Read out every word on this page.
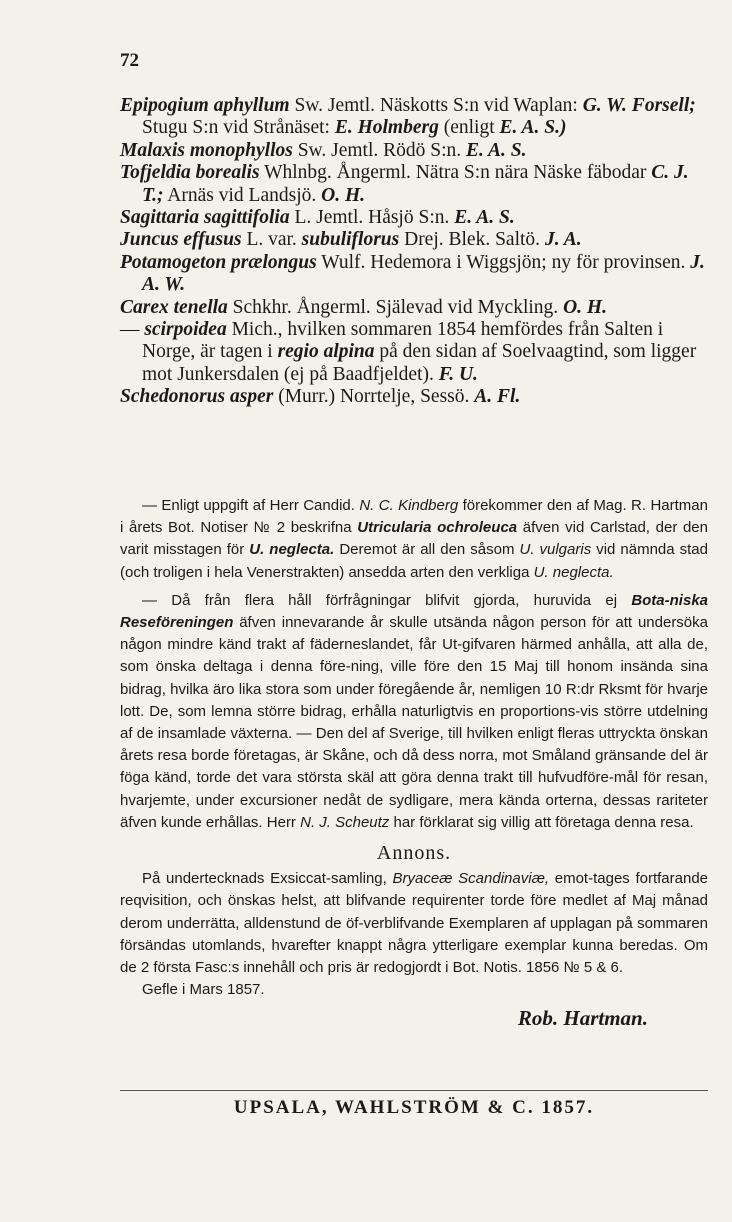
72

Epipogium aphyllum Sw. Jemtl. Näskotts S:n vid Waplan: G. W. Forsell; Stugu S:n vid Strånäset: E. Holmberg (enligt E. A. S.)

Malaxis monophyllos Sw. Jemtl. Rödö S:n. E. A. S.

Tofjeldia borealis Whlnbg. Ångerml. Nätra S:n nära Näske fäbodar C. J. T.; Arnäs vid Landsjö. O. H.

Sagittaria sagittifolia L. Jemtl. Håsjö S:n. E. A. S.

Juncus effusus L. var. subuliflorus Drej. Blek. Saltö. J. A.

Potamogeton prælongus Wulf. Hedemora i Wiggsjön; ny för provinsen. J. A. W.

Carex tenella Schkhr. Ångerml. Själevad vid Myckling. O. H.

— scirpoidea Mich., hvilken sommaren 1854 hemfördes från Salten i Norge, är tagen i regio alpina på den sidan af Soelvaagtind, som ligger mot Junkersdalen (ej på Baadfjeldet). F. U.

Schedonorus asper (Murr.) Norrtelje, Sessö. A. Fl.

— Enligt uppgift af Herr Candid. N. C. Kindberg förekommer den af Mag. R. Hartman i årets Bot. Notiser № 2 beskrifna Utricularia ochroleuca äfven vid Carlstad, der den varit misstagen för U. neglecta. Deremot är all den såsom U. vulgaris vid nämnda stad (och troligen i hela Venerstrakten) ansedda arten den verkliga U. neglecta.

— Då från flera håll förfrågningar blifvit gjorda, huruvida ej Bota-niska Reseföreningen äfven innevarande år skulle utsända någon person för att undersöka någon mindre känd trakt af fäderneslandet, får Ut-gifvaren härmed anhålla, att alla de, som önska deltaga i denna före-ning, ville före den 15 Maj till honom insända sina bidrag, hvilka äro lika stora som under föregående år, nemligen 10 R:dr Rksmt för hvarje lott. De, som lemna större bidrag, erhålla naturligtvis en proportions-vis större utdelning af de insamlade växterna. — Den del af Sverige, till hvilken enligt fleras uttryckta önskan årets resa borde företagas, är Skåne, och då dess norra, mot Småland gränsande del är föga känd, torde det vara största skäl att göra denna trakt till hufvudföre-mål för resan, hvarjemte, under excursioner nedåt de sydligare, mera kända orterna, dessas rariteter äfven kunde erhållas. Herr N. J. Scheutz har förklarat sig villig att företaga denna resa.

Annons.

På undertecknads Exsiccat-samling, Bryaceæ Scandinaviæ, emot-tages fortfarande reqvisition, och önskas helst, att blifvande requirenter torde före medlet af Maj månad derom underrätta, alldenstund de öf-verblifvande Exemplaren af upplagan på sommaren försändas utomlands, hvarefter knappt några ytterligare exemplar kunna beredas. Om de 2 första Fasc:s innehåll och pris är redogjordt i Bot. Notis. 1856 № 5 & 6.

Gefle i Mars 1857.

Rob. Hartman.
UPSALA, WAHLSTRÖM & C. 1857.
